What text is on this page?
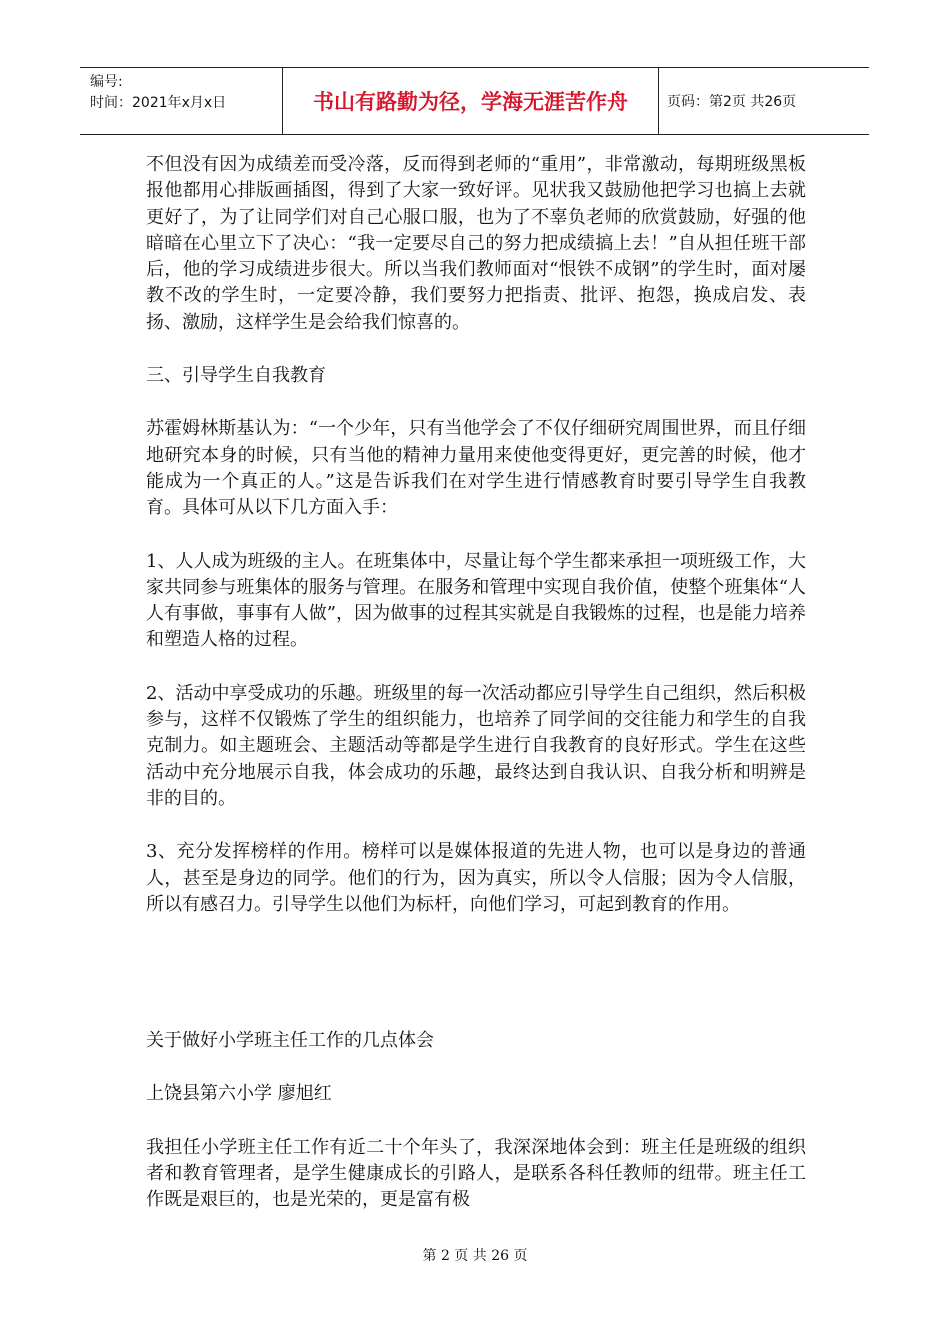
编号:
时间：2021年x月x日	书山有路勤为径，学海无涯苦作舟	页码：第2页 共26页

不但没有因为成绩差而受冷落，反而得到老师的“重用”，非常激动，每期班级黑板报他都用心排版画插图，得到了大家一致好评。见状我又鼓励他把学习也搞上去就更好了，为了让同学们对自己心服口服，也为了不辜负老师的欣赏鼓励，好强的他暗暗在心里立下了决心：“我一定要尽自己的努力把成绩搞上去！”自从担任班干部后，他的学习成绩进步很大。所以当我们教师面对“恨铁不成钢”的学生时，面对屡教不改的学生时，一定要冷静，我们要努力把指责、批评、抱怨，换成启发、表扬、激励，这样学生是会给我们惊喜的。

三、引导学生自我教育

苏霍姆林斯基认为：“一个少年，只有当他学会了不仅仔细研究周围世界，而且仔细地研究本身的时候，只有当他的精神力量用来使他变得更好，更完善的时候，他才能成为一个真正的人。”这是告诉我们在对学生进行情感教育时要引导学生自我教育。具体可从以下几方面入手：

1、人人成为班级的主人。在班集体中，尽量让每个学生都来承担一项班级工作，大家共同参与班集体的服务与管理。在服务和管理中实现自我价值，使整个班集体“人人有事做，事事有人做”，因为做事的过程其实就是自我锻炼的过程，也是能力培养和塑造人格的过程。

2、活动中享受成功的乐趣。班级里的每一次活动都应引导学生自己组织，然后积极参与，这样不仅锻炼了学生的组织能力，也培养了同学间的交往能力和学生的自我克制力。如主题班会、主题活动等都是学生进行自我教育的良好形式。学生在这些活动中充分地展示自我，体会成功的乐趣，最终达到自我认识、自我分析和明辨是非的目的。

3、充分发挥榜样的作用。榜样可以是媒体报道的先进人物，也可以是身边的普通人，甚至是身边的同学。他们的行为，因为真实，所以令人信服；因为令人信服，所以有感召力。引导学生以他们为标杆，向他们学习，可起到教育的作用。

关于做好小学班主任工作的几点体会

上饶县第六小学 廖旭红

我担任小学班主任工作有近二十个年头了，我深深地体会到：班主任是班级的组织者和教育管理者，是学生健康成长的引路人，是联系各科任教师的纽带。班主任工作既是艰巨的，也是光荣的，更是富有极

第 2 页 共 26 页
